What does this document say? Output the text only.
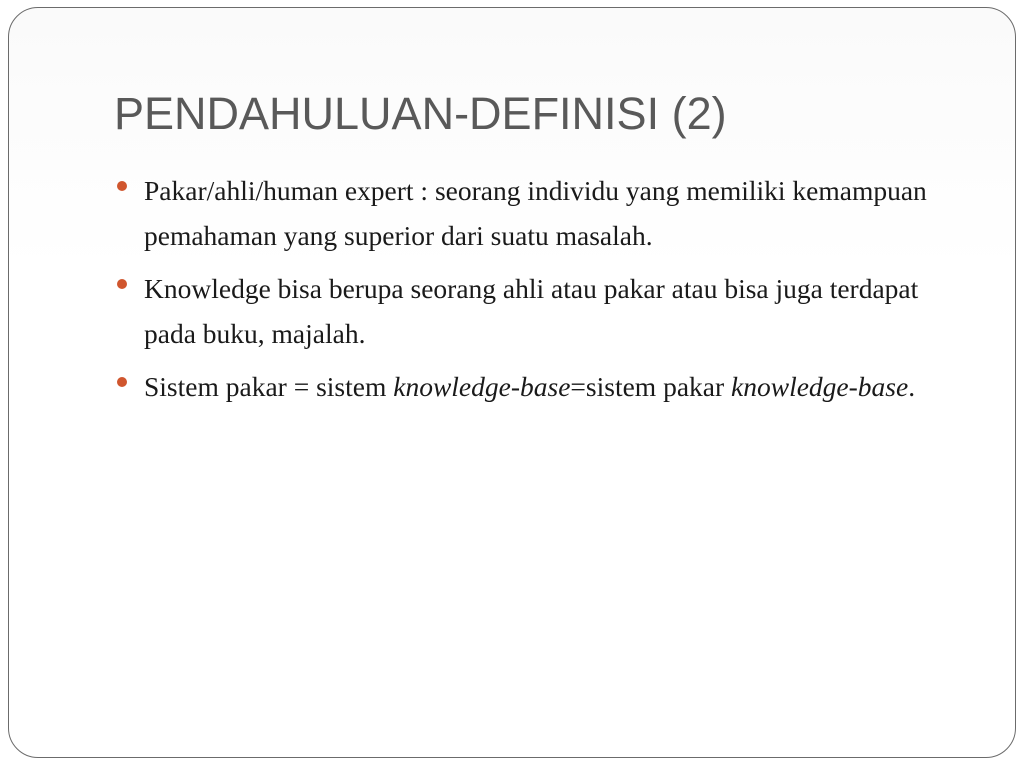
PENDAHULUAN-DEFINISI (2)
Pakar/ahli/human expert : seorang individu yang memiliki kemampuan pemahaman yang superior dari suatu masalah.
Knowledge bisa berupa seorang ahli atau pakar atau bisa juga terdapat pada buku, majalah.
Sistem pakar = sistem knowledge-base=sistem pakar knowledge-base.
